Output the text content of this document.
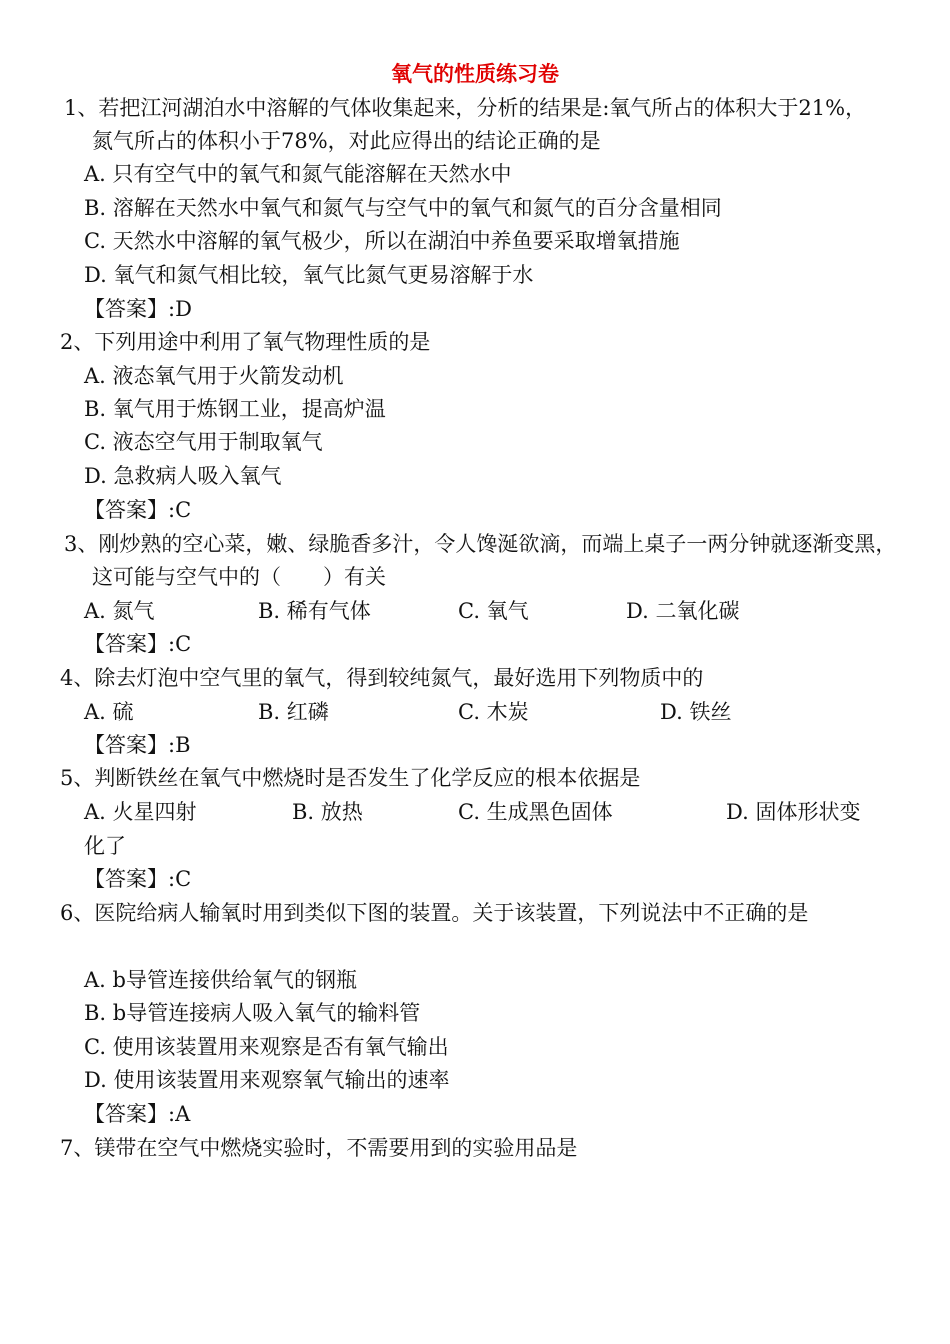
氧气的性质练习卷
1、若把江河湖泊水中溶解的气体收集起来，分析的结果是:氧气所占的体积大于21%，
氮气所占的体积小于78%，对此应得出的结论正确的是
A. 只有空气中的氧气和氮气能溶解在天然水中
B. 溶解在天然水中氧气和氮气与空气中的氧气和氮气的百分含量相同
C. 天然水中溶解的氧气极少，所以在湖泊中养鱼要采取增氧措施
D. 氧气和氮气相比较，氧气比氮气更易溶解于水
【答案】:D
2、下列用途中利用了氧气物理性质的是
A. 液态氧气用于火箭发动机
B. 氧气用于炼钢工业，提高炉温
C. 液态空气用于制取氧气
D. 急救病人吸入氧气
【答案】:C
3、刚炒熟的空心菜，嫩、绿脆香多汁，令人馋涎欲滴，而端上桌子一两分钟就逐渐变黑，
这可能与空气中的（　　）有关
A. 氮气	B. 稀有气体	C. 氧气	D. 二氧化碳
【答案】:C
4、除去灯泡中空气里的氧气，得到较纯氮气，最好选用下列物质中的
A. 硫	B. 红磷	C. 木炭	D. 铁丝
【答案】:B
5、判断铁丝在氧气中燃烧时是否发生了化学反应的根本依据是
A. 火星四射	B. 放热	C. 生成黑色固体	D. 固体形状变
化了
【答案】:C
6、医院给病人输氧时用到类似下图的装置。关于该装置，下列说法中不正确的是
A. b导管连接供给氧气的钢瓶
B. b导管连接病人吸入氧气的输料管
C. 使用该装置用来观察是否有氧气输出
D. 使用该装置用来观察氧气输出的速率
【答案】:A
7、镁带在空气中燃烧实验时，不需要用到的实验用品是
